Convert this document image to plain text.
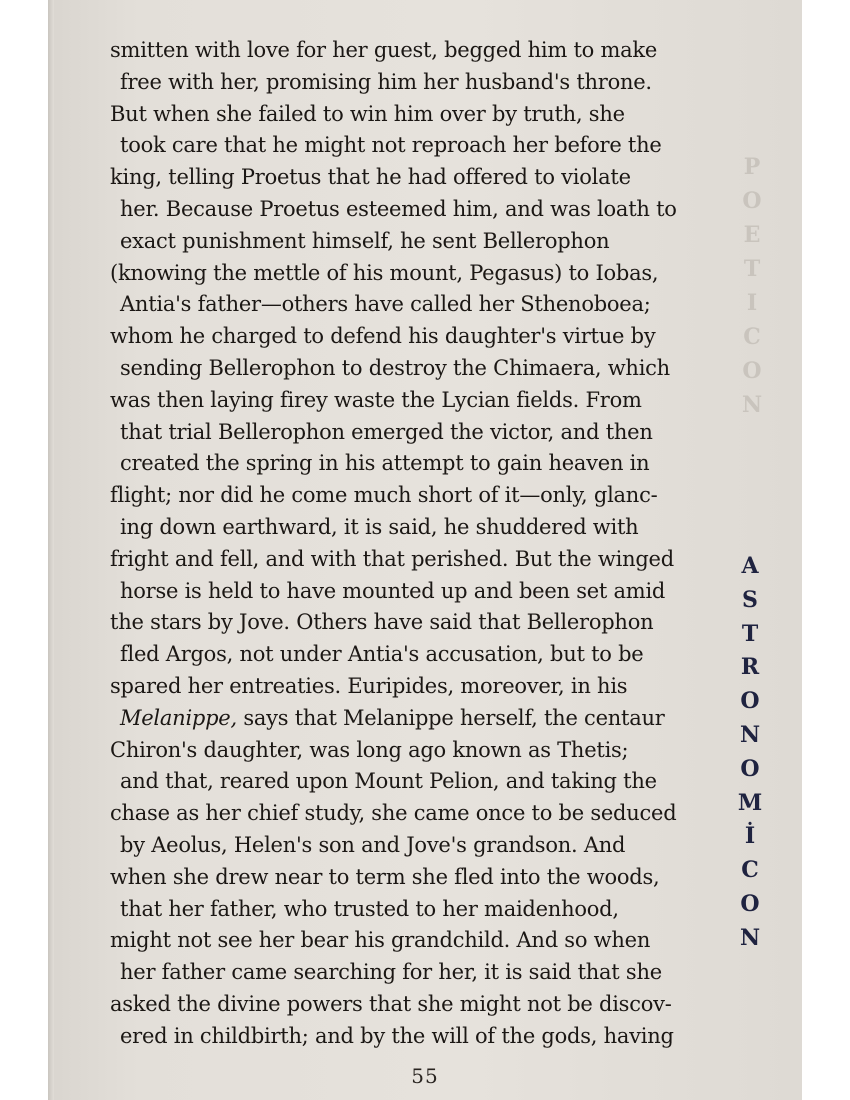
P
O
E
T
I
C
O
N
smitten with love for her guest, begged him to make
free with her, promising him her husband's throne.
But when she failed to win him over by truth, she
took care that he might not reproach her before the
king, telling Proetus that he had offered to violate
her. Because Proetus esteemed him, and was loath to
exact punishment himself, he sent Bellerophon
(knowing the mettle of his mount, Pegasus) to Iobas,
Antia's father—others have called her Sthenoboea;
whom he charged to defend his daughter's virtue by
sending Bellerophon to destroy the Chimaera, which
was then laying firey waste the Lycian fields. From
that trial Bellerophon emerged the victor, and then
created the spring in his attempt to gain heaven in
flight; nor did he come much short of it—only, glanc-
ing down earthward, it is said, he shuddered with
fright and fell, and with that perished. But the winged
horse is held to have mounted up and been set amid
the stars by Jove. Others have said that Bellerophon
fled Argos, not under Antia's accusation, but to be
spared her entreaties. Euripides, moreover, in his
Melanippe, says that Melanippe herself, the centaur
Chiron's daughter, was long ago known as Thetis;
and that, reared upon Mount Pelion, and taking the
chase as her chief study, she came once to be seduced
by Aeolus, Helen's son and Jove's grandson. And
when she drew near to term she fled into the woods,
that her father, who trusted to her maidenhood,
might not see her bear his grandchild. And so when
her father came searching for her, it is said that she
asked the divine powers that she might not be discov-
ered in childbirth; and by the will of the gods, having
A
S
T
R
O
N
O
M
İ
C
O
N
55
